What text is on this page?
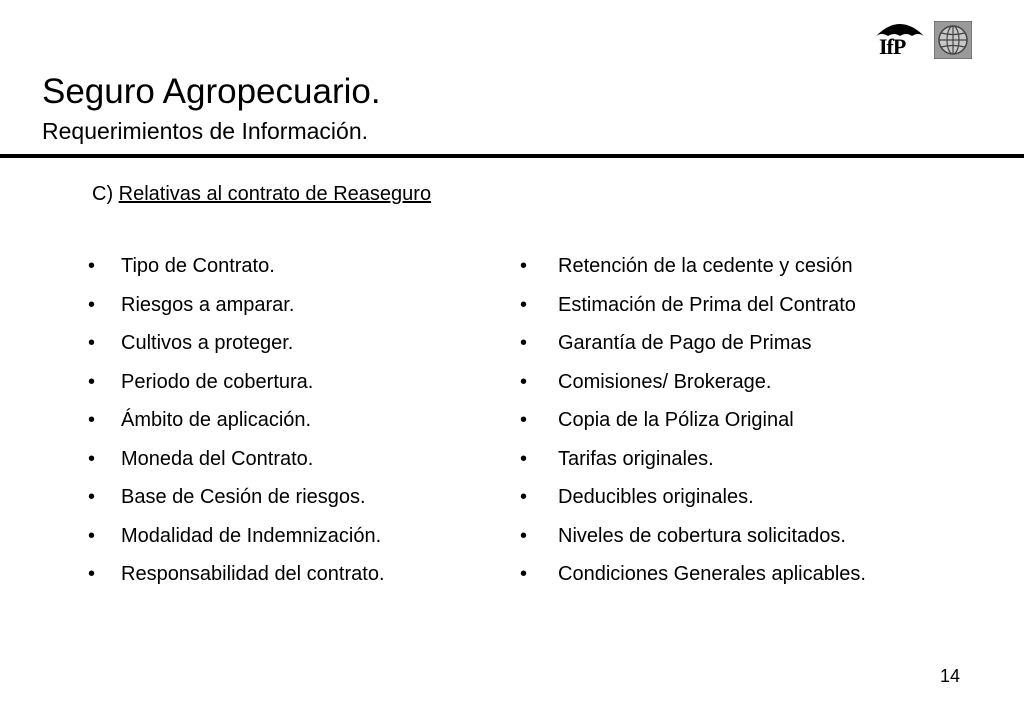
IfP
Seguro Agropecuario.
Requerimientos de Información.
C) Relativas al contrato de Reaseguro
• Tipo de Contrato.
• Riesgos a amparar.
• Cultivos a proteger.
• Periodo de cobertura.
• Ámbito de aplicación.
• Moneda del Contrato.
• Base de Cesión de riesgos.
• Modalidad de Indemnización.
• Responsabilidad del contrato.
• Retención de la cedente y cesión
• Estimación de Prima del Contrato
• Garantía de Pago de Primas
• Comisiones/ Brokerage.
• Copia de la Póliza Original
• Tarifas originales.
• Deducibles originales.
• Niveles de cobertura solicitados.
• Condiciones Generales aplicables.
14
